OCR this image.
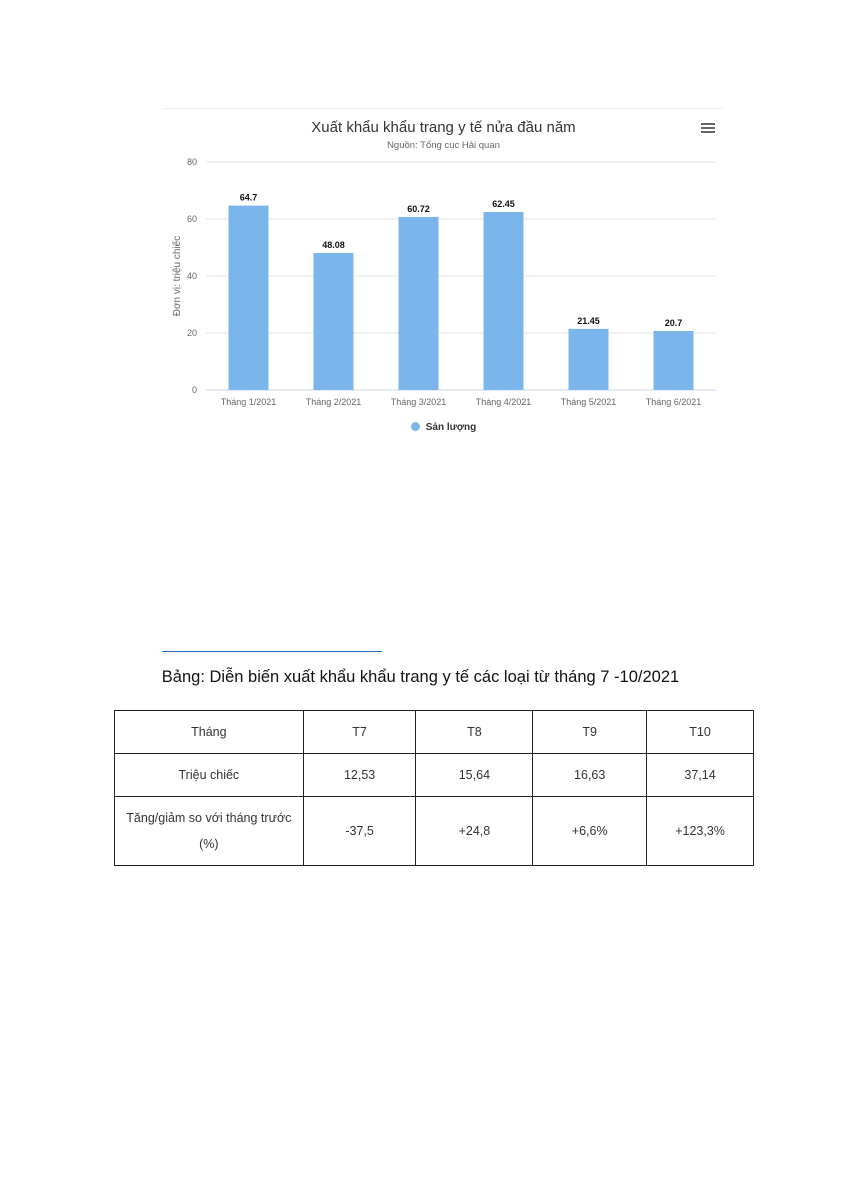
Xuất khẩu khẩu trang y tế nửa đầu năm
Nguồn: Tổng cục Hải quan
64.7
48.08
60.72	62.45
21.45	20.7
0
20
40
60
80
Tháng 1/2021	Tháng 2/2021	Tháng 3/2021	Tháng 4/2021	Tháng 5/2021	Tháng 6/2021
Đơn vị: triệu chiếc
Sản lượng
Bảng: Diễn biến xuất khẩu khẩu trang y tế các loại từ tháng 7 -10/2021
Tháng	T7	T8	T9	T10
Triệu chiếc	12,53	15,64	16,63	37,14
Tăng/giảm so với tháng trước (%)	-37,5	+24,8	+6,6%	+123,3%
